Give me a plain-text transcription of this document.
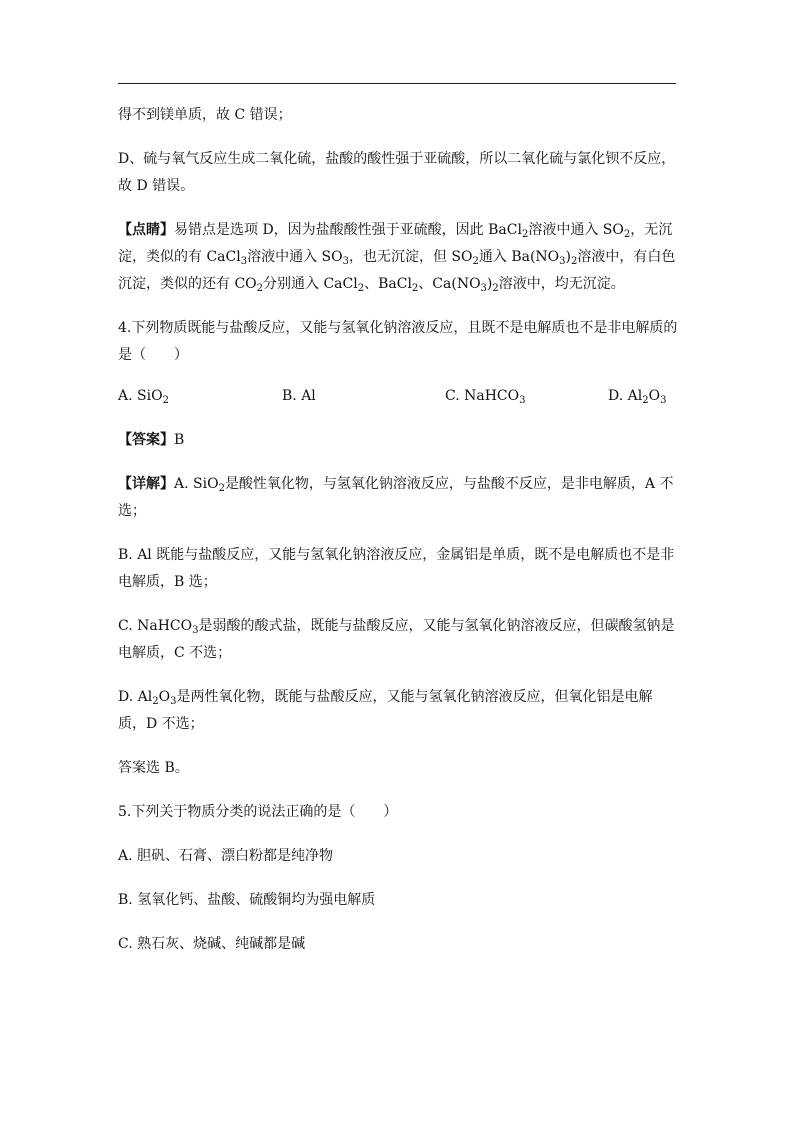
得不到镁单质，故 C 错误；

D、硫与氧气反应生成二氧化硫，盐酸的酸性强于亚硫酸，所以二氧化硫与氯化钡不反应，故 D 错误。

【点睛】易错点是选项 D，因为盐酸酸性强于亚硫酸，因此 BaCl$_2$溶液中通入 $SO_2$，无沉淀，类似的有 CaCl$_3$溶液中通入 $SO_3$，也无沉淀，但 $SO_2$通入 $Ba(NO_3)_2$溶液中，有白色沉淀，类似的还有 $CO_2$分别通入 CaCl$_2$、BaCl$_2$、$Ca(NO_3)_2$溶液中，均无沉淀。

4.下列物质既能与盐酸反应，又能与氢氧化钠溶液反应，且既不是电解质也不是非电解质的是（　　）

A. SiO$_2$	B. Al	C. NaHCO$_3$	D. $Al_2O_3$

【答案】B

【详解】A. SiO$_2$是酸性氧化物，与氢氧化钠溶液反应，与盐酸不反应，是非电解质，A 不选；

B. Al 既能与盐酸反应，又能与氢氧化钠溶液反应，金属铝是单质，既不是电解质也不是非电解质，B 选；

C. NaHCO$_3$是弱酸的酸式盐，既能与盐酸反应，又能与氢氧化钠溶液反应，但碳酸氢钠是电解质，C 不选；

D. $Al_2O_3$是两性氧化物，既能与盐酸反应，又能与氢氧化钠溶液反应，但氧化铝是电解质，D 不选；

答案选 B。

5.下列关于物质分类的说法正确的是（　　）

A. 胆矾、石膏、漂白粉都是纯净物

B. 氢氧化钙、盐酸、硫酸铜均为强电解质

C. 熟石灰、烧碱、纯碱都是碱
